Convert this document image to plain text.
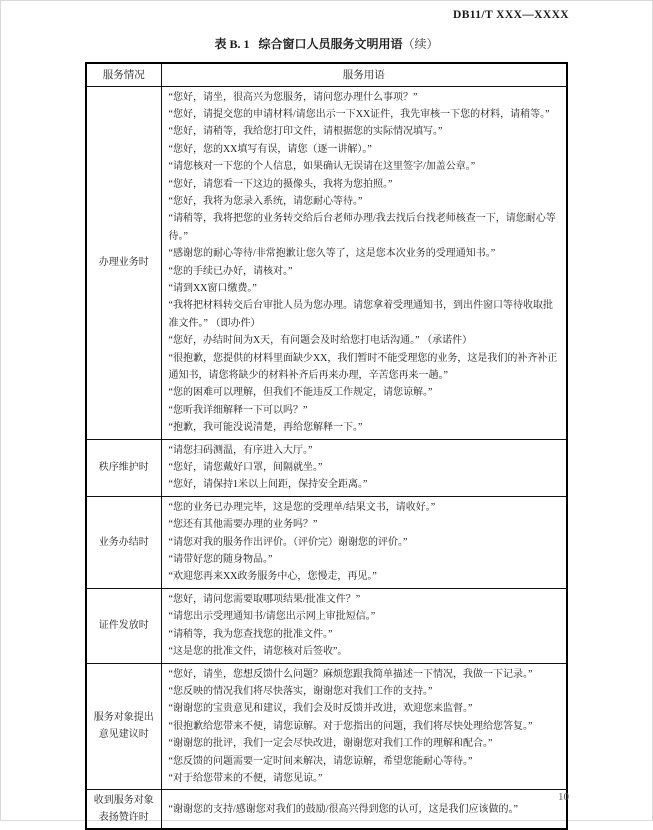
DB11/T XXX—XXXX
表 B. 1 综合窗口人员服务文明用语（续）
服务情况	服务用语
办理业务时	
“您好，请坐，很高兴为您服务，请问您办理什么事项？”
“您好，请提交您的申请材料/请您出示一下XX证件，我先审核一下您的材料，请稍等。”
“您好，请稍等，我给您打印文件，请根据您的实际情况填写。”
“您好，您的XX填写有误，请您（逐一讲解）。”
“请您核对一下您的个人信息，如果确认无误请在这里签字/加盖公章。”
“您好，请您看一下这边的摄像头，我将为您拍照。”
“您好，我将为您录入系统，请您耐心等待。”
“请稍等，我将把您的业务转交给后台老师办理/我去找后台找老师核查一下，请您耐心等待。”
“感谢您的耐心等待/非常抱歉让您久等了，这是您本次业务的受理通知书。”
“您的手续已办好，请核对。”
“请到XX窗口缴费。”
“我将把材料转交后台审批人员为您办理。请您拿着受理通知书，到出件窗口等待收取批准文件。” （即办件）
“您好，办结时间为X天，有问题会及时给您打电话沟通。” （承诺件）
“很抱歉，您提供的材料里面缺少XX，我们暂时不能受理您的业务，这是我们的补齐补正通知书，请您将缺少的材料补齐后再来办理，辛苦您再来一趟。”
“您的困难可以理解，但我们不能违反工作规定，请您谅解。”
“您听我详细解释一下可以吗？”
“抱歉，我可能没说清楚，再给您解释一下。”

秩序维护时	“请您扫码测温，有序进入大厅。”
“您好，请您戴好口罩，间隔就坐。”
“您好，请保持1米以上间距，保持安全距离。”

业务办结时	“您的业务已办理完毕，这是您的受理单/结果文书，请收好。”
“您还有其他需要办理的业务吗？”
“请您对我的服务作出评价。（评价完）谢谢您的评价。”
“请带好您的随身物品。”
“欢迎您再来XX政务服务中心，您慢走，再见。”

证件发放时	“您好，请问您需要取哪项结果/批准文件？”
“请您出示受理通知书/请您出示网上审批短信。”
“请稍等，我为您查找您的批准文件。”
“这是您的批准文件，请您核对后签收”。

服务对象提出意见建议时	
“您好，请坐，您想反馈什么问题？麻烦您跟我简单描述一下情况，我做一下记录。”
“您反映的情况我们将尽快落实，谢谢您对我们工作的支持。”
“谢谢您的宝贵意见和建议，我们会及时反馈并改进，欢迎您来监督。”
“很抱歉给您带来不便，请您谅解。对于您指出的问题，我们将尽快处理给您答复。”
“谢谢您的批评，我们一定会尽快改进，谢谢您对我们工作的理解和配合。”
“您反馈的问题需要一定时间来解决，请您谅解，希望您能耐心等待。”
“对于给您带来的不便，请您见谅。”

收到服务对象表扬赞许时	“谢谢您的支持/感谢您对我们的鼓励/很高兴得到您的认可，这是我们应该做的。”
10
